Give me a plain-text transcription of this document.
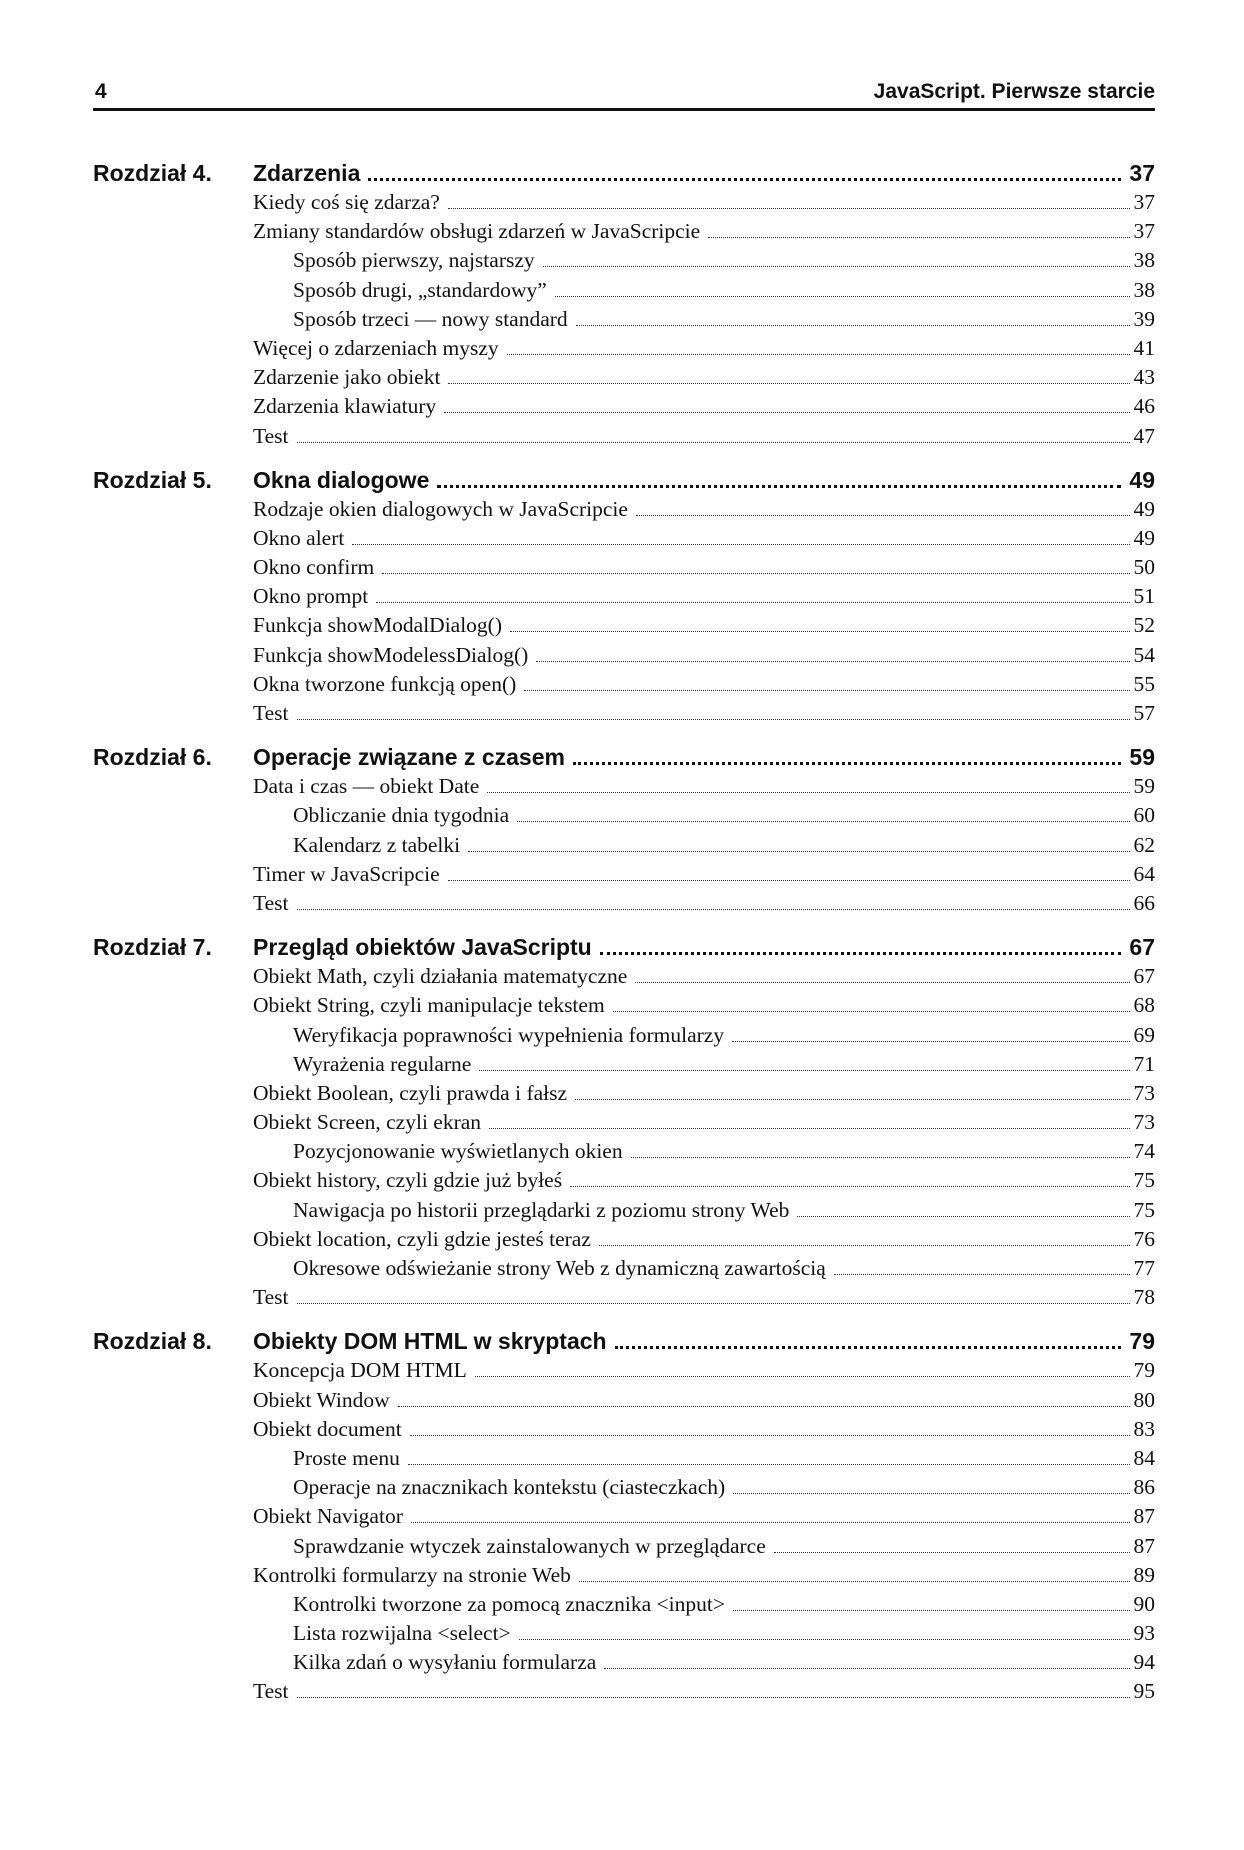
4	JavaScript. Pierwsze starcie
Rozdział 4.	Zdarzenia	37
Kiedy coś się zdarza?	37
Zmiany standardów obsługi zdarzeń w JavaScripcie	37
Sposób pierwszy, najstarszy	38
Sposób drugi, „standardowy”	38
Sposób trzeci — nowy standard	39
Więcej o zdarzeniach myszy	41
Zdarzenie jako obiekt	43
Zdarzenia klawiatury	46
Test	47
Rozdział 5.	Okna dialogowe	49
Rodzaje okien dialogowych w JavaScripcie	49
Okno alert	49
Okno confirm	50
Okno prompt	51
Funkcja showModalDialog()	52
Funkcja showModelessDialog()	54
Okna tworzone funkcją open()	55
Test	57
Rozdział 6.	Operacje związane z czasem	59
Data i czas — obiekt Date	59
Obliczanie dnia tygodnia	60
Kalendarz z tabelki	62
Timer w JavaScripcie	64
Test	66
Rozdział 7.	Przegląd obiektów JavaScriptu	67
Obiekt Math, czyli działania matematyczne	67
Obiekt String, czyli manipulacje tekstem	68
Weryfikacja poprawności wypełnienia formularzy	69
Wyrażenia regularne	71
Obiekt Boolean, czyli prawda i fałsz	73
Obiekt Screen, czyli ekran	73
Pozycjonowanie wyświetlanych okien	74
Obiekt history, czyli gdzie już byłeś	75
Nawigacja po historii przeglądarki z poziomu strony Web	75
Obiekt location, czyli gdzie jesteś teraz	76
Okresowe odświeżanie strony Web z dynamiczną zawartością	77
Test	78
Rozdział 8.	Obiekty DOM HTML w skryptach	79
Koncepcja DOM HTML	79
Obiekt Window	80
Obiekt document	83
Proste menu	84
Operacje na znacznikach kontekstu (ciasteczkach)	86
Obiekt Navigator	87
Sprawdzanie wtyczek zainstalowanych w przeglądarce	87
Kontrolki formularzy na stronie Web	89
Kontrolki tworzone za pomocą znacznika <input>	90
Lista rozwijalna <select>	93
Kilka zdań o wysyłaniu formularza	94
Test	95
